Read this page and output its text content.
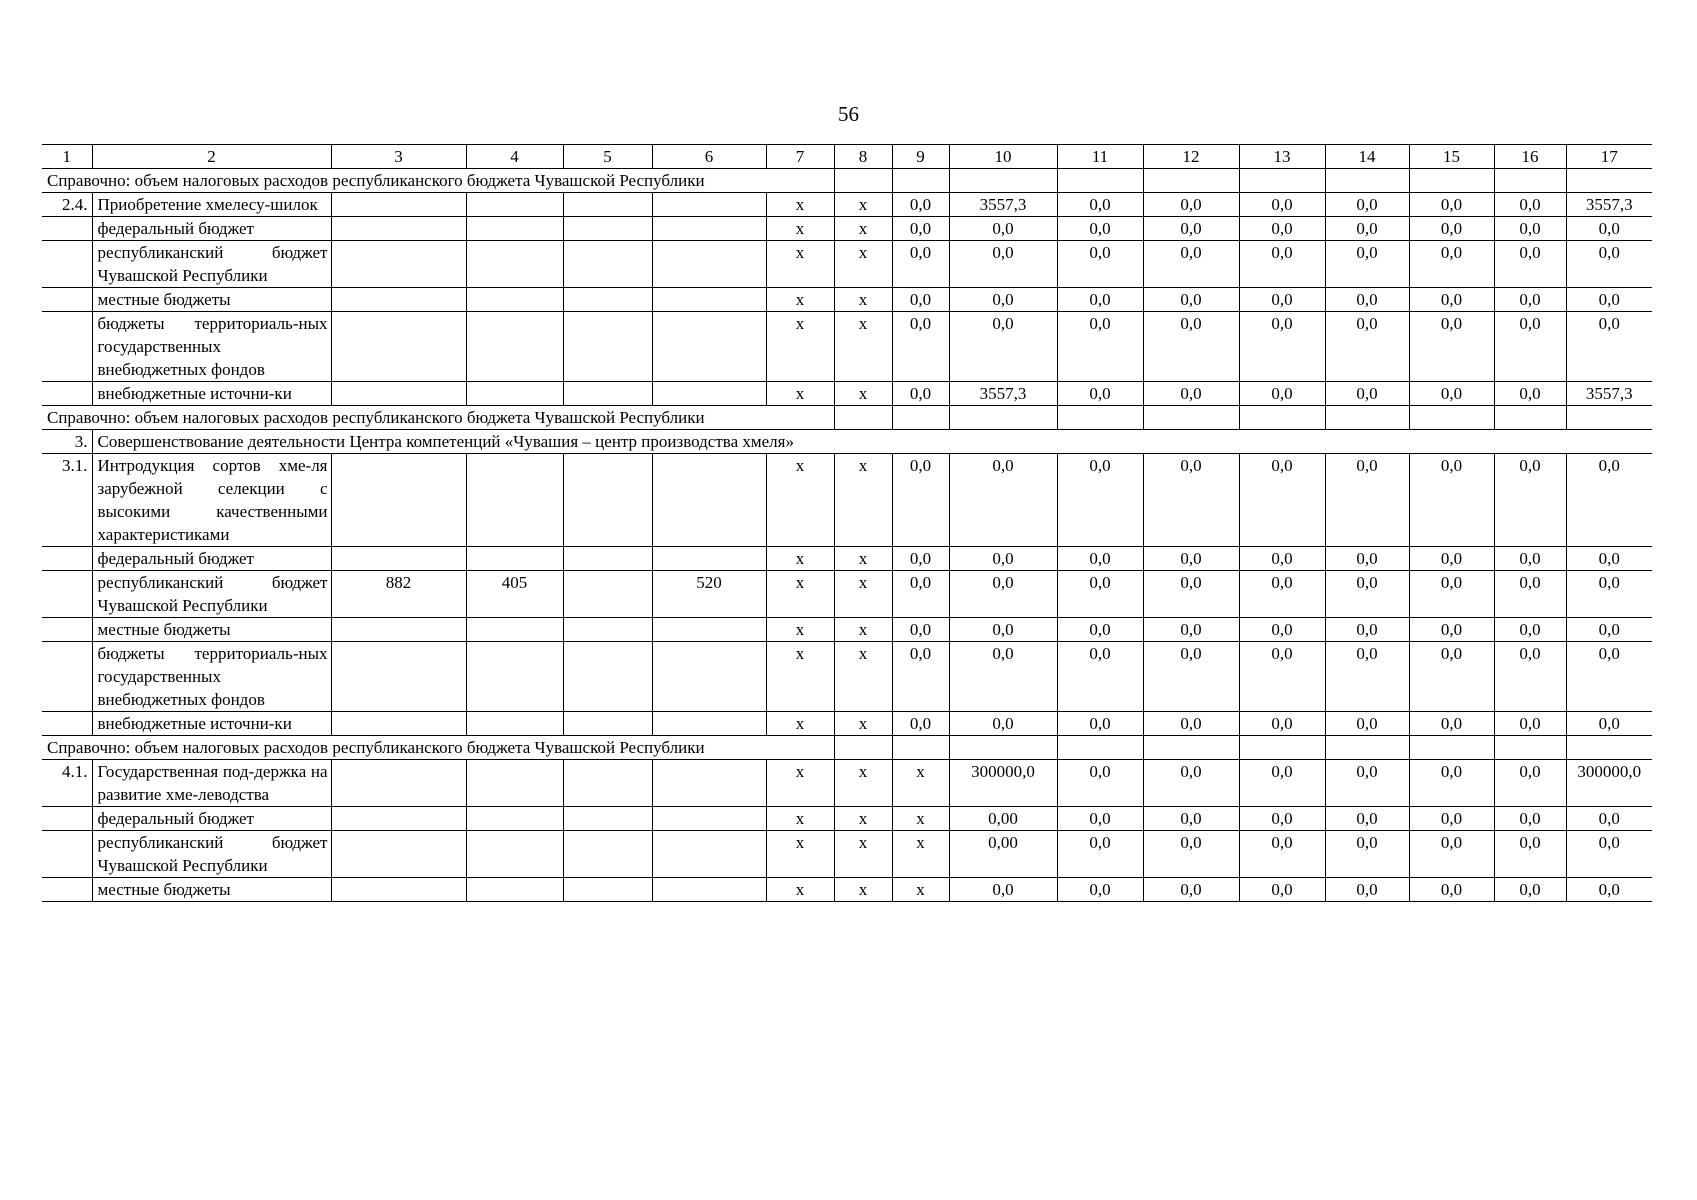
56
1	2	3	4	5	6	7	8	9	10	11	12	13	14	15	16	17
Справочно: объем налоговых расходов республиканского бюджета Чувашской Республики																
2.4.	Приобретение хмелесу-шилок					x	x	0,0	3557,3	0,0	0,0	0,0	0,0	0,0	0,0	3557,3
	федеральный бюджет					x	x	0,0	0,0	0,0	0,0	0,0	0,0	0,0	0,0	0,0
	республиканский бюджет Чувашской Республики					x	x	0,0	0,0	0,0	0,0	0,0	0,0	0,0	0,0	0,0
	местные бюджеты					x	x	0,0	0,0	0,0	0,0	0,0	0,0	0,0	0,0	0,0
	бюджеты территориаль-ных государственных внебюджетных фондов					x	x	0,0	0,0	0,0	0,0	0,0	0,0	0,0	0,0	0,0
	внебюджетные источни-ки					x	x	0,0	3557,3	0,0	0,0	0,0	0,0	0,0	0,0	3557,3
Справочно: объем налоговых расходов республиканского бюджета Чувашской Республики																
3.	Совершенствование деятельности Центра компетенций «Чувашия – центр производства хмеля»															
3.1.	Интродукция сортов хме-ля зарубежной селекции с высокими качественными характеристиками					x	x	0,0	0,0	0,0	0,0	0,0	0,0	0,0	0,0	0,0
	федеральный бюджет					x	x	0,0	0,0	0,0	0,0	0,0	0,0	0,0	0,0	0,0
	республиканский бюджет Чувашской Республики	882	405		520	x	x	0,0	0,0	0,0	0,0	0,0	0,0	0,0	0,0	0,0
	местные бюджеты					x	x	0,0	0,0	0,0	0,0	0,0	0,0	0,0	0,0	0,0
	бюджеты территориаль-ных государственных внебюджетных фондов					x	x	0,0	0,0	0,0	0,0	0,0	0,0	0,0	0,0	0,0
	внебюджетные источни-ки					x	x	0,0	0,0	0,0	0,0	0,0	0,0	0,0	0,0	0,0
Справочно: объем налоговых расходов республиканского бюджета Чувашской Республики																
4.1.	Государственная под-держка на развитие хме-леводства					x	x	x	300000,0	0,0	0,0	0,0	0,0	0,0	0,0	300000,0
	федеральный бюджет					x	x	x	0,00	0,0	0,0	0,0	0,0	0,0	0,0	0,0
	республиканский бюджет Чувашской Республики					x	x	x	0,00	0,0	0,0	0,0	0,0	0,0	0,0	0,0
	местные бюджеты					x	x	x	0,0	0,0	0,0	0,0	0,0	0,0	0,0	0,0
